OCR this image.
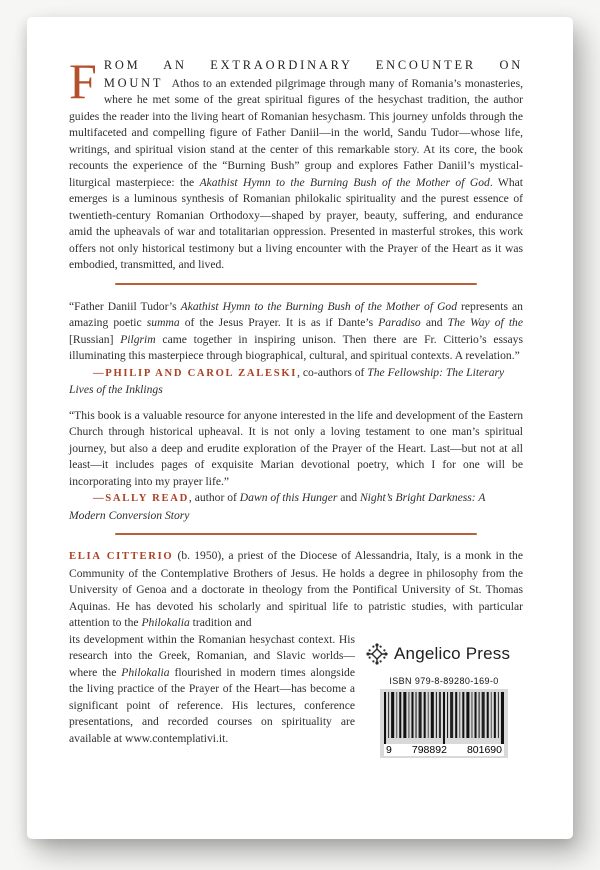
FROM AN EXTRAORDINARY ENCOUNTER ON MOUNT Athos to an extended pilgrimage through many of Romania’s monasteries, where he met some of the great spiritual figures of the hesychast tradition, the author guides the reader into the living heart of Romanian hesychasm. This journey unfolds through the multifaceted and compelling figure of Father Daniil—in the world, Sandu Tudor—whose life, writings, and spiritual vision stand at the center of this remarkable story. At its core, the book recounts the experience of the “Burning Bush” group and explores Father Daniil’s mystical-liturgical masterpiece: the Akathist Hymn to the Burning Bush of the Mother of God. What emerges is a luminous synthesis of Romanian philokalic spirituality and the purest essence of twentieth-century Romanian Orthodoxy—shaped by prayer, beauty, suffering, and endurance amid the upheavals of war and totalitarian oppression. Presented in masterful strokes, this work offers not only historical testimony but a living encounter with the Prayer of the Heart as it was embodied, transmitted, and lived.

“Father Daniil Tudor’s Akathist Hymn to the Burning Bush of the Mother of God represents an amazing poetic summa of the Jesus Prayer. It is as if Dante’s Paradiso and The Way of the [Russian] Pilgrim came together in inspiring unison. Then there are Fr. Citterio’s essays illuminating this masterpiece through biographical, cultural, and spiritual contexts. A revelation.”

—PHILIP AND CAROL ZALESKI, co-authors of The Fellowship: The Literary Lives of the Inklings

“This book is a valuable resource for anyone interested in the life and development of the Eastern Church through historical upheaval. It is not only a loving testament to one man’s spiritual journey, but also a deep and erudite exploration of the Prayer of the Heart. Last—but not at all least—it includes pages of exquisite Marian devotional poetry, which I for one will be incorporating into my prayer life.”

—SALLY READ, author of Dawn of this Hunger and Night’s Bright Darkness: A Modern Conversion Story

ELIA CITTERIO (b. 1950), a priest of the Diocese of Alessandria, Italy, is a monk in the Community of the Contemplative Brothers of Jesus. He holds a degree in philosophy from the University of Genoa and a doctorate in theology from the Pontifical University of St. Thomas Aquinas. He has devoted his scholarly and spiritual life to patristic studies, with particular attention to the Philokalia tradition and

its development within the Romanian hesychast context. His research into the Greek, Romanian, and Slavic worlds—where the Philokalia flourished in modern times alongside the living practice of the Prayer of the Heart—has become a significant point of reference. His lectures, conference presentations, and recorded courses on spirituality are available at www.contemplativi.it.

Angelico Press
ISBN 979-8-89280-169-0
9 798892 801690
